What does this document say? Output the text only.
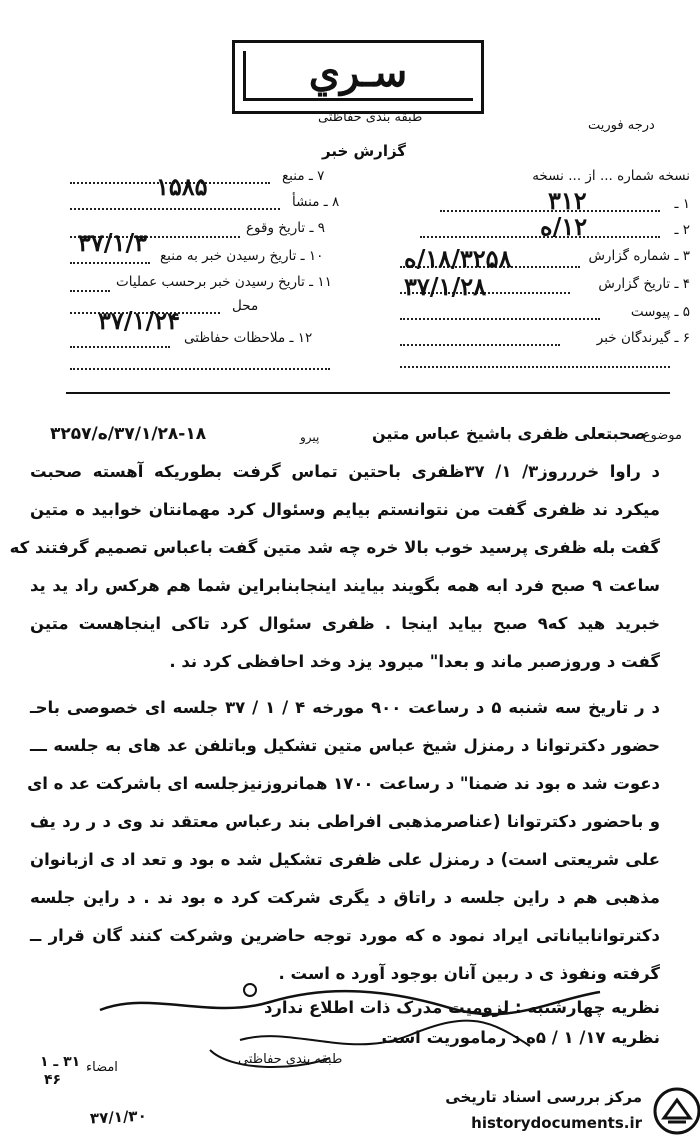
سـري
طبقه بندی حفاظتی
درجه فوریت
گزارش خبر
نسخه شماره ... از ... نسخه
۱ ـ
۳۱۲
۲ ـ
۱۲/ه
۳ ـ شماره گزارش
۱۸/۳۲۵۸/ه
۴ ـ تاریخ گزارش
۳۷/۱/۲۸
۵ ـ پیوست
۶ ـ گیرندگان خبر
۷ ـ منبع
۸ ـ منشأ
۱۵۸۵
۹ ـ تاریخ وقوع
۳۷/۱/۳ ۱۰ ـ تاریخ رسیدن خبر به منبع
۱۱ ـ تاریخ رسیدن خبر برحسب عملیات
محل
۳۷/۱/۲۴
۱۲ ـ ملاحظات حفاظتی
موضوع
صحبتعلی ظفری باشیخ عباس متین
پیرو
۳۷/۱/۲۸-۱۸/ه/۳۲۵۷
د راوا خررروز۳/ ۱/ ۳۷ظفری باحتین تماس گرفت بطوریکه آهسته صحبت
میکرد ند ظفری گفت من نتوانستم بیایم وسئوال کرد مهمانتان خوابید ه متین
گفت بله ظفری پرسید خوب بالا خره چه شد متین گفت باعباس تصمیم گرفتند که
ساعت ۹ صبح فرد ابه همه بگویند بیایند اینجابنابراین شما هم هرکس راد ید ید
خبرید هید که۹ صبح بیاید اینجا . ظفری سئوال کرد تاکی اینجاهست متین
گفت د وروزصبر ماند و بعدا" میرود یزد وخد احافظی کرد ند .
د ر تاریخ سه شنبه ۵ د رساعت ۹۰۰ مورخه ۴ / ۱ / ۳۷ جلسه ای خصوصی باحـ
حضور دکترتوانا د رمنزل شیخ عباس متین تشکیل وباتلفن عد های به جلسه ـــ
دعوت شد ه بود ند ضمنا" د رساعت ۱۷۰۰ همانروزنیزجلسه ای باشرکت عد ه ای
و باحضور دکترتوانا (عناصرمذهبی افراطی بند رعباس معتقد ند وی د ر رد یف
علی شریعتی است) د رمنزل علی ظفری تشکیل شد ه بود و تعد اد ی ازبانوان
مذهبی هم د راین جلسه د راتاق د یگری شرکت کرد ه بود ند . د راین جلسه
دکترتوانابیاناتی ایراد نمود ه که مورد توجه حاضرین وشرکت کنند گان قرار ــ
گرفته ونفوذ ی د ربین آنان بوجود آورد ه است .
نظریه چهارشنبه : لزومیت مدرک ذات اطلاع ندارد
نظریه ۱۷/ ۱ / ۵ه د رماموریت است
طبقه بندی حفاظتی
۳۱ ـ ۱
۴۶
امضاء
۳۷/۱/۳۰
مرکز بررسی اسناد تاریخی
historydocuments.ir
